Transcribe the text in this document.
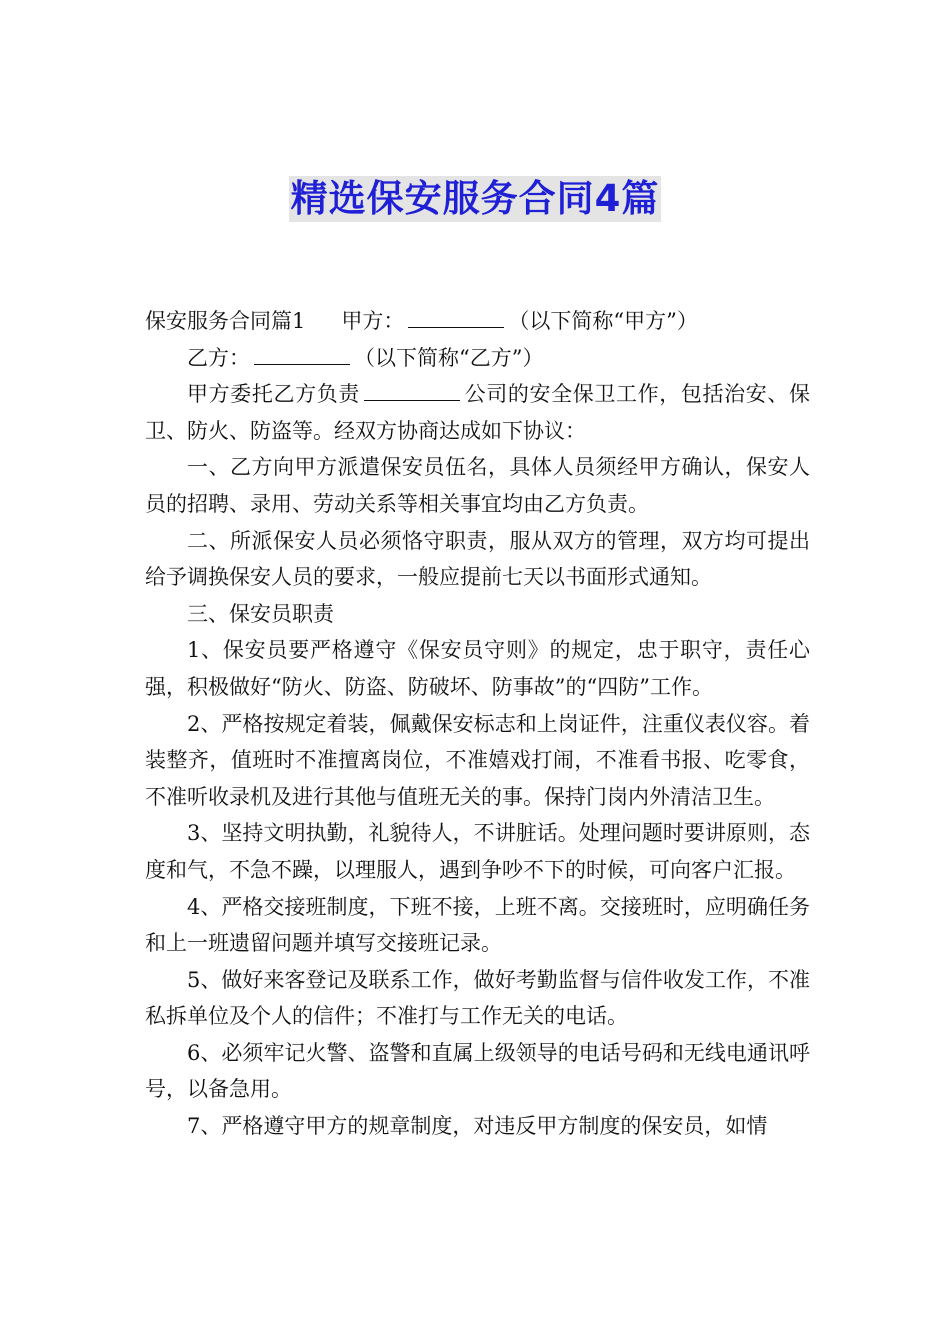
精选保安服务合同4篇

保安服务合同篇1 甲方：	（以下简称“甲方”）

乙方：	（以下简称“乙方”）

甲方委托乙方负责	公司的安全保卫工作，包括治安、保卫、防火、防盗等。经双方协商达成如下协议：

一、乙方向甲方派遣保安员伍名，具体人员须经甲方确认，保安人员的招聘、录用、劳动关系等相关事宜均由乙方负责。

二、所派保安人员必须恪守职责，服从双方的管理，双方均可提出给予调换保安人员的要求，一般应提前七天以书面形式通知。

三、保安员职责

1、保安员要严格遵守《保安员守则》的规定，忠于职守，责任心强，积极做好“防火、防盗、防破坏、防事故”的“四防”工作。

2、严格按规定着装，佩戴保安标志和上岗证件，注重仪表仪容。着装整齐，值班时不准擅离岗位，不准嬉戏打闹，不准看书报、吃零食，不准听收录机及进行其他与值班无关的事。保持门岗内外清洁卫生。

3、坚持文明执勤，礼貌待人，不讲脏话。处理问题时要讲原则，态度和气，不急不躁，以理服人，遇到争吵不下的时候，可向客户汇报。

4、严格交接班制度，下班不接，上班不离。交接班时，应明确任务和上一班遗留问题并填写交接班记录。

5、做好来客登记及联系工作，做好考勤监督与信件收发工作，不准私拆单位及个人的信件；不准打与工作无关的电话。

6、必须牢记火警、盗警和直属上级领导的电话号码和无线电通讯呼号，以备急用。

7、严格遵守甲方的规章制度，对违反甲方制度的保安员，如情
